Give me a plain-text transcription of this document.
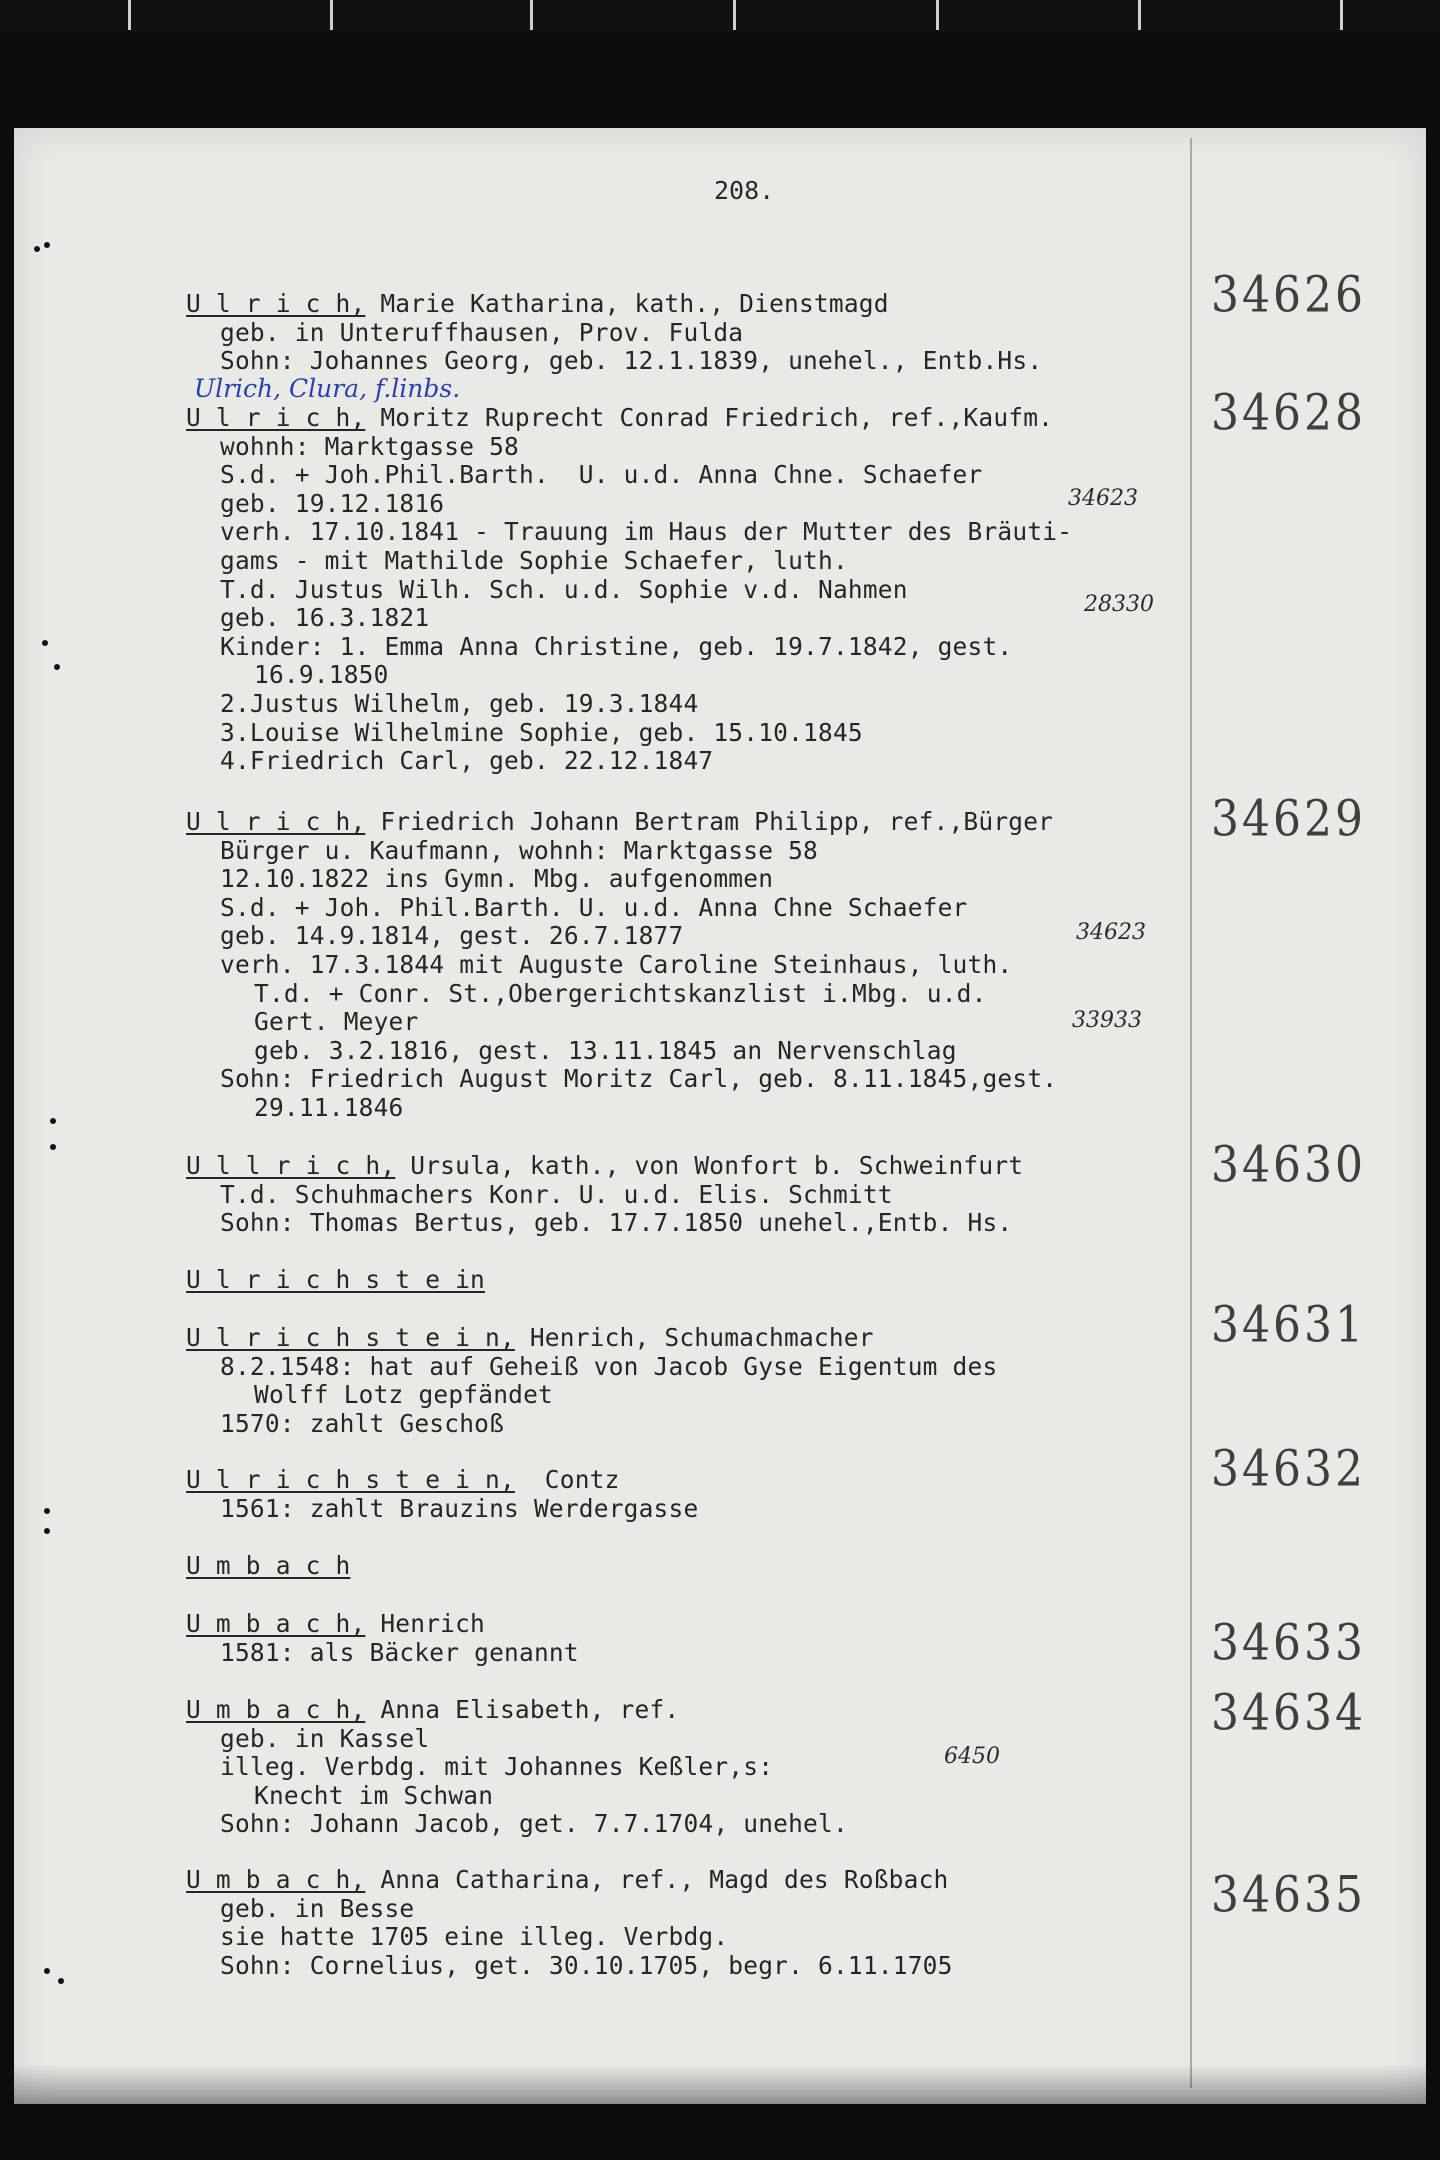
208.
U l r i c h, Marie Katharina, kath., Dienstmagd
geb. in Unteruffhausen, Prov. Fulda
Sohn: Johannes Georg, geb. 12.1.1839, unehel., Entb.Hs.
34626
Ulrich, Clura, f.linbs.
U l r i c h, Moritz Ruprecht Conrad Friedrich, ref.,Kaufm.
wohnh: Marktgasse 58
S.d. + Joh.Phil.Barth.  U. u.d. Anna Chne. Schaefer
geb. 19.12.1816
verh. 17.10.1841 - Trauung im Haus der Mutter des Bräuti-
gams - mit Mathilde Sophie Schaefer, luth.
T.d. Justus Wilh. Sch. u.d. Sophie v.d. Nahmen
geb. 16.3.1821
Kinder: 1. Emma Anna Christine, geb. 19.7.1842, gest.
16.9.1850
2.Justus Wilhelm, geb. 19.3.1844
3.Louise Wilhelmine Sophie, geb. 15.10.1845
4.Friedrich Carl, geb. 22.12.1847
34628
34623
28330
U l r i c h, Friedrich Johann Bertram Philipp, ref.,Bürger
Bürger u. Kaufmann, wohnh: Marktgasse 58
12.10.1822 ins Gymn. Mbg. aufgenommen
S.d. + Joh. Phil.Barth. U. u.d. Anna Chne Schaefer
geb. 14.9.1814, gest. 26.7.1877
verh. 17.3.1844 mit Auguste Caroline Steinhaus, luth.
T.d. + Conr. St.,Obergerichtskanzlist i.Mbg. u.d.
Gert. Meyer
geb. 3.2.1816, gest. 13.11.1845 an Nervenschlag
Sohn: Friedrich August Moritz Carl, geb. 8.11.1845,gest.
29.11.1846
34629
34623
33933
U l l r i c h, Ursula, kath., von Wonfort b. Schweinfurt
T.d. Schuhmachers Konr. U. u.d. Elis. Schmitt
Sohn: Thomas Bertus, geb. 17.7.1850 unehel.,Entb. Hs.
34630
U l r i c h s t e in
U l r i c h s t e i n, Henrich, Schumachmacher
8.2.1548: hat auf Geheiß von Jacob Gyse Eigentum des
Wolff Lotz gepfändet
1570: zahlt Geschoß
34631
U l r i c h s t e i n,  Contz
1561: zahlt Brauzins Werdergasse
34632
U m b a c h
U m b a c h, Henrich
1581: als Bäcker genannt	34633
U m b a c h, Anna Elisabeth, ref.
geb. in Kassel
illeg. Verbdg. mit Johannes Keßler,s:
Knecht im Schwan
Sohn: Johann Jacob, get. 7.7.1704, unehel.
34634
6450
U m b a c h, Anna Catharina, ref., Magd des Roßbach
geb. in Besse
sie hatte 1705 eine illeg. Verbdg.
Sohn: Cornelius, get. 30.10.1705, begr. 6.11.1705
34635
